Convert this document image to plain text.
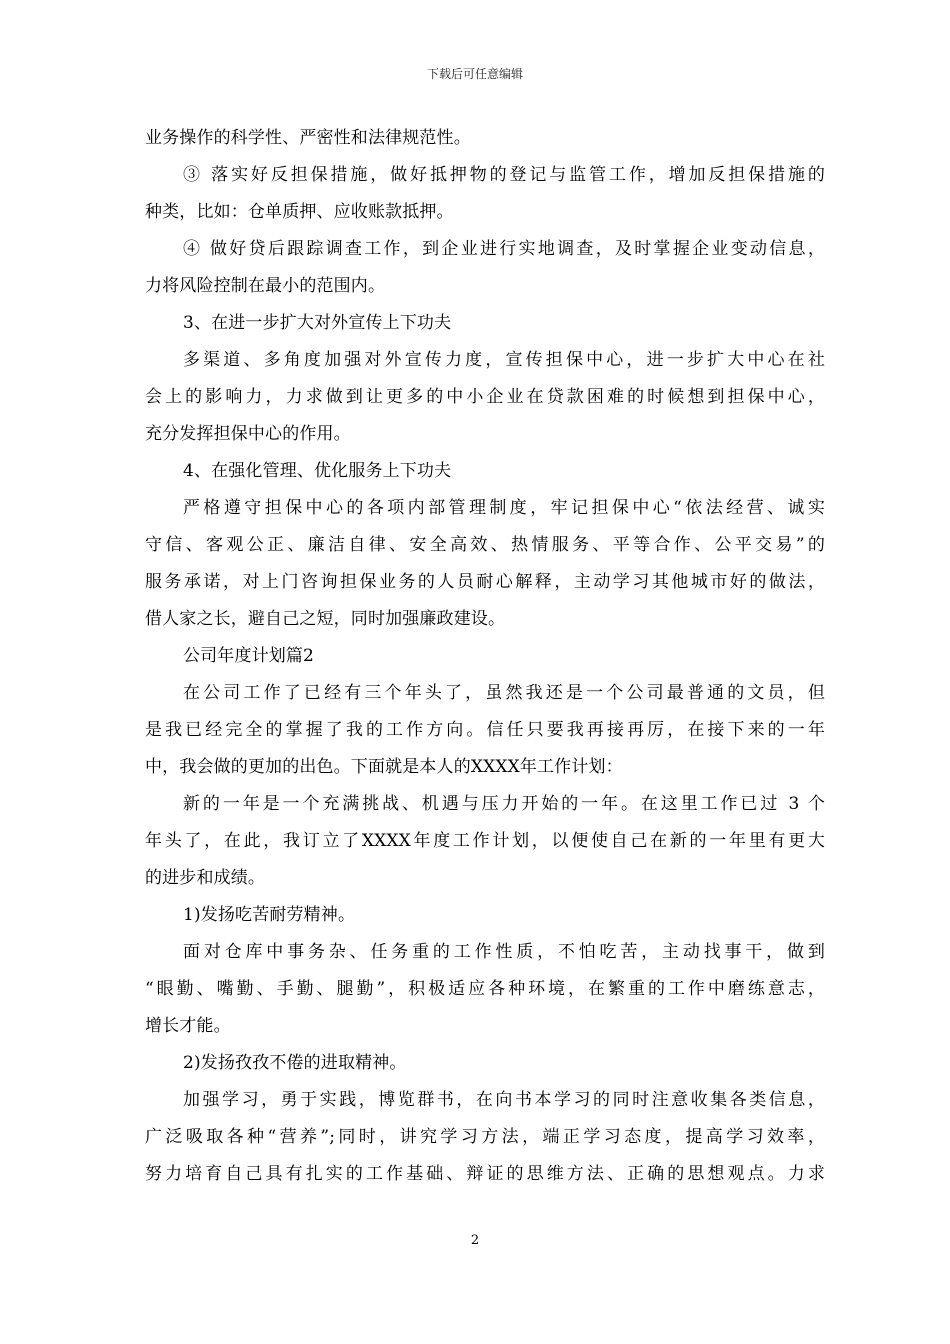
下载后可任意编辑
业务操作的科学性、严密性和法律规范性。
③ 落实好反担保措施，做好抵押物的登记与监管工作，增加反担保措施的
种类，比如：仓单质押、应收账款抵押。
④ 做好贷后跟踪调查工作，到企业进行实地调查，及时掌握企业变动信息，
力将风险控制在最小的范围内。
3、在进一步扩大对外宣传上下功夫
多渠道、多角度加强对外宣传力度，宣传担保中心，进一步扩大中心在社
会上的影响力，力求做到让更多的中小企业在贷款困难的时候想到担保中心，
充分发挥担保中心的作用。
4、在强化管理、优化服务上下功夫
严格遵守担保中心的各项内部管理制度，牢记担保中心“依法经营、诚实
守信、客观公正、廉洁自律、安全高效、热情服务、平等合作、公平交易”的
服务承诺，对上门咨询担保业务的人员耐心解释，主动学习其他城市好的做法，
借人家之长，避自己之短，同时加强廉政建设。
公司年度计划篇2
在公司工作了已经有三个年头了，虽然我还是一个公司最普通的文员，但
是我已经完全的掌握了我的工作方向。信任只要我再接再厉，在接下来的一年
中，我会做的更加的出色。下面就是本人的XXXX年工作计划：
新的一年是一个充满挑战、机遇与压力开始的一年。在这里工作已过 3 个
年头了，在此，我订立了XXXX年度工作计划，以便使自己在新的一年里有更大
的进步和成绩。
1)发扬吃苦耐劳精神。
面对仓库中事务杂、任务重的工作性质，不怕吃苦，主动找事干，做到
“眼勤、嘴勤、手勤、腿勤”，积极适应各种环境，在繁重的工作中磨练意志，
增长才能。
2)发扬孜孜不倦的进取精神。
加强学习，勇于实践，博览群书，在向书本学习的同时注意收集各类信息，
广泛吸取各种“营养”;同时，讲究学习方法，端正学习态度，提高学习效率，
努力培育自己具有扎实的工作基础、辩证的思维方法、正确的思想观点。力求
2
